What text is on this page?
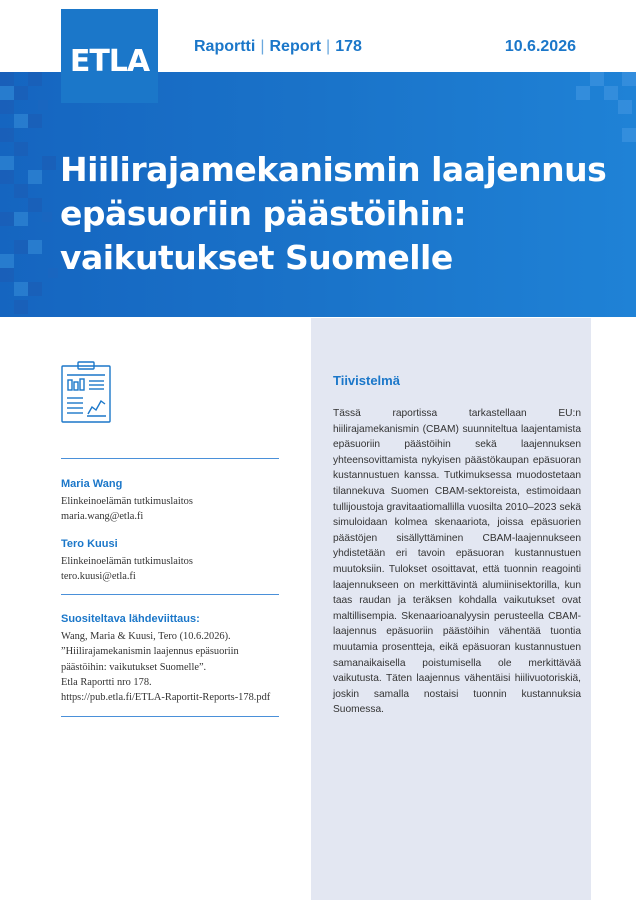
Raportti | Report | 178	10.6.2026
ETLA
Hiilirajamekanismin laajennus
epäsuoriin päästöihin:
vaikutukset Suomelle
Maria Wang
Elinkeinoelämän tutkimuslaitos
maria.wang@etla.fi
Tero Kuusi
Elinkeinoelämän tutkimuslaitos
tero.kuusi@etla.fi
Suositeltava lähdeviittaus:
Wang, Maria & Kuusi, Tero (10.6.2026).
”Hiilirajamekanismin laajennus epäsuoriin
päästöihin: vaikutukset Suomelle”.
Etla Raportti nro 178.
https://pub.etla.fi/ETLA-Raportit-Reports-178.pdf
Tiivistelmä

Tässä raportissa tarkastellaan EU:n hiilirajamekanismin (CBAM) suunniteltua laajentamista epäsuoriin päästöihin sekä laajennuksen yhteensovittamista nykyisen päästökaupan epäsuoran kustannustuen kanssa. Tutkimuksessa muodostetaan tilannekuva Suomen CBAM-sektoreista, estimoidaan tullijoustoja gravitaatiomallilla vuosilta 2010–2023 sekä simuloidaan kolmea skenaariota, joissa epäsuorien päästöjen sisällyttäminen CBAM-laajennukseen yhdistetään eri tavoin epäsuoran kustannustuen muutoksiin. Tulokset osoittavat, että tuonnin reagointi laajennukseen on merkittävintä alumiinisektorilla, kun taas raudan ja teräksen kohdalla vaikutukset ovat maltillisempia. Skenaarioanalyysin perusteella CBAM-laajennus epäsuoriin päästöihin vähentää tuontia muutamia prosentteja, eikä epäsuoran kustannustuen samanaikaisella poistumisella ole merkittävää vaikutusta. Täten laajennus vähentäisi hiilivuotoriskiä, joskin samalla nostaisi tuonnin kustannuksia Suomessa.
